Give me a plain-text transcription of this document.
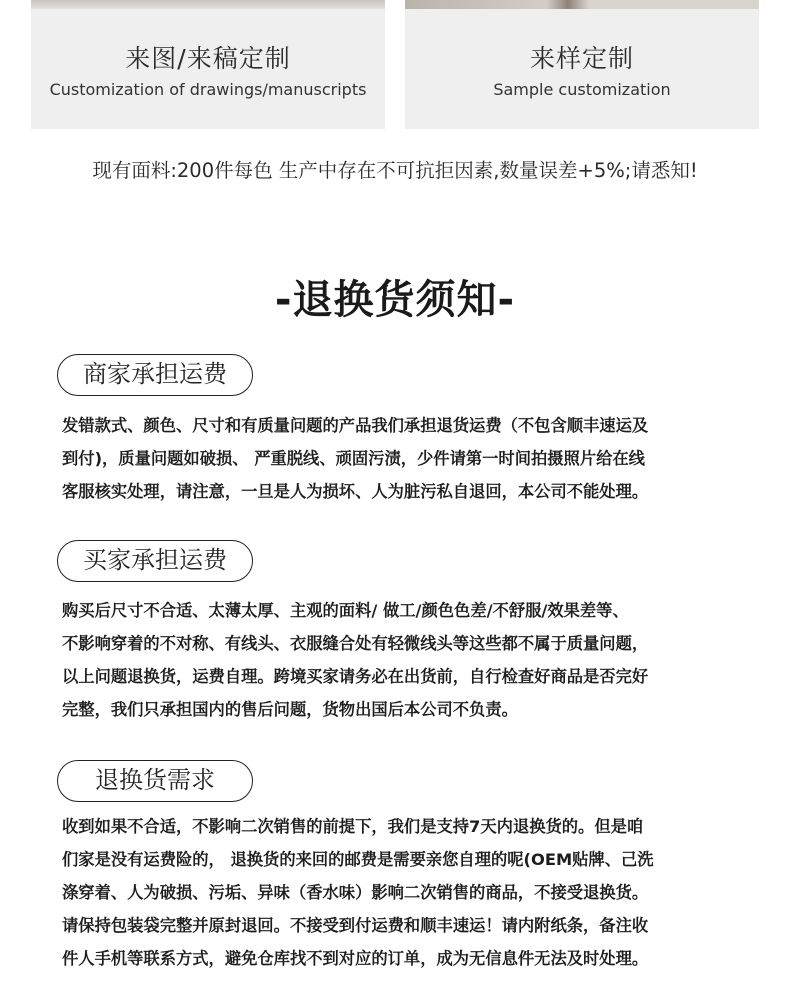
来图/来稿定制
Customization of drawings/manuscripts
来样定制
Sample customization
现有面料:200件每色 生产中存在不可抗拒因素,数量误差+5%;请悉知!
-退换货须知-
商家承担运费
发错款式、颜色、尺寸和有质量问题的产品我们承担退货运费（不包含顺丰速运及
到付)，质量问题如破损、 严重脱线、顽固污渍，少件请第一时间拍摄照片给在线
客服核实处理，请注意，一旦是人为损坏、人为脏污私自退回，本公司不能处理。
买家承担运费
购买后尺寸不合适、太薄太厚、主观的面料/ 做工/颜色色差/不舒服/效果差等、
不影响穿着的不对称、有线头、衣服缝合处有轻微线头等这些都不属于质量问题，
以上问题退换货，运费自理。跨境买家请务必在出货前，自行检查好商品是否完好
完整，我们只承担国内的售后问题，货物出国后本公司不负责。
退换货需求
收到如果不合适，不影响二次销售的前提下，我们是支持7天内退换货的。但是咱
们家是没有运费险的， 退换货的来回的邮费是需要亲您自理的呢(OEM贴牌、己洗
涤穿着、人为破损、污垢、异味（香水味）影响二次销售的商品，不接受退换货。
请保持包装袋完整并原封退回。不接受到付运费和顺丰速运！请内附纸条，备注收
件人手机等联系方式，避免仓库找不到对应的订单，成为无信息件无法及时处理。
